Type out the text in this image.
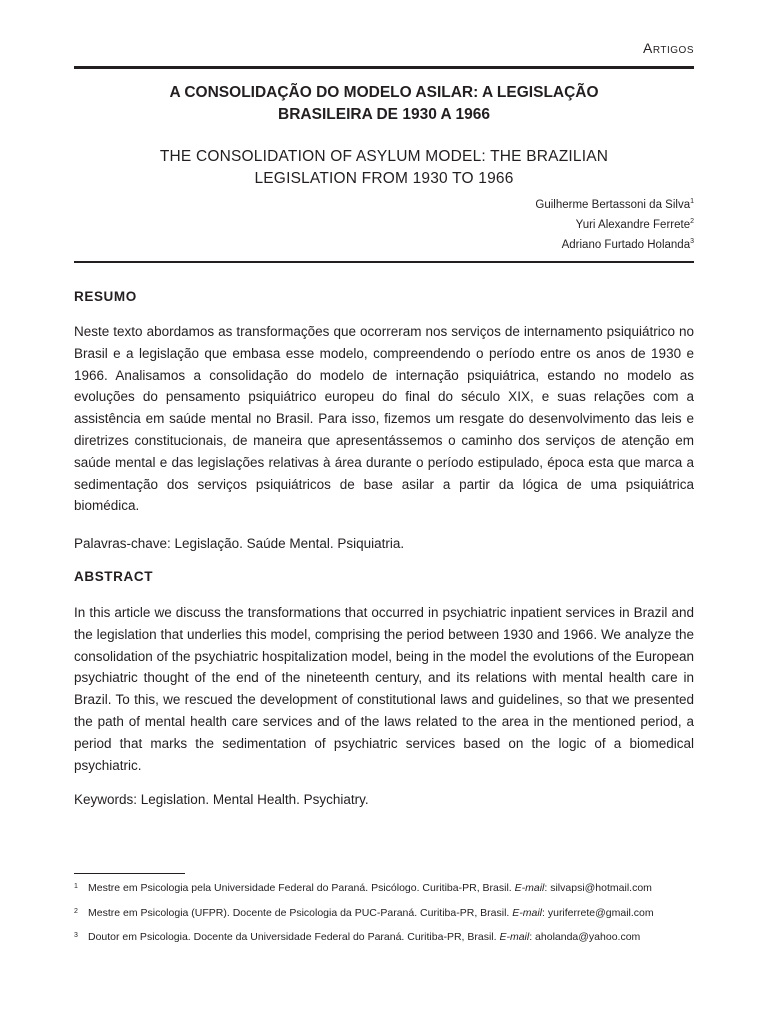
Artigos
A CONSOLIDAÇÃO DO MODELO ASILAR: A LEGISLAÇÃO
BRASILEIRA DE 1930 A 1966
THE CONSOLIDATION OF ASYLUM MODEL: THE BRAZILIAN
LEGISLATION FROM 1930 TO 1966
Guilherme Bertassoni da Silva$^1$
Yuri Alexandre Ferrete$^2$
Adriano Furtado Holanda$^3$
RESUMO

Neste texto abordamos as transformações que ocorreram nos serviços de internamento psiquiátrico no Brasil e a legislação que embasa esse modelo, compreendendo o período entre os anos de 1930 e 1966. Analisamos a consolidação do modelo de internação psiquiátrica, estando no modelo as evoluções do pensamento psiquiátrico europeu do final do século XIX, e suas relações com a assistência em saúde mental no Brasil. Para isso, fizemos um resgate do desenvolvimento das leis e diretrizes constitucionais, de maneira que apresentássemos o caminho dos serviços de atenção em saúde mental e das legislações relativas à área durante o período estipulado, época esta que marca a sedimentação dos serviços psiquiátricos de base asilar a partir da lógica de uma psiquiátrica biomédica.

Palavras-chave: Legislação. Saúde Mental. Psiquiatria.
ABSTRACT

In this article we discuss the transformations that occurred in psychiatric inpatient services in Brazil and the legislation that underlies this model, comprising the period between 1930 and 1966. We analyze the consolidation of the psychiatric hospitalization model, being in the model the evolutions of the European psychiatric thought of the end of the nineteenth century, and its relations with mental health care in Brazil. To this, we rescued the development of constitutional laws and guidelines, so that we presented the path of mental health care services and of the laws related to the area in the mentioned period, a period that marks the sedimentation of psychiatric services based on the logic of a biomedical psychiatric.

Keywords: Legislation. Mental Health. Psychiatry.
1 Mestre em Psicologia pela Universidade Federal do Paraná. Psicólogo. Curitiba-PR, Brasil. E-mail: silvapsi@hotmail.com
2 Mestre em Psicologia (UFPR). Docente de Psicologia da PUC-Paraná. Curitiba-PR, Brasil. E-mail: yuriferrete@gmail.com
3 Doutor em Psicologia. Docente da Universidade Federal do Paraná. Curitiba-PR, Brasil. E-mail: aholanda@yahoo.com
